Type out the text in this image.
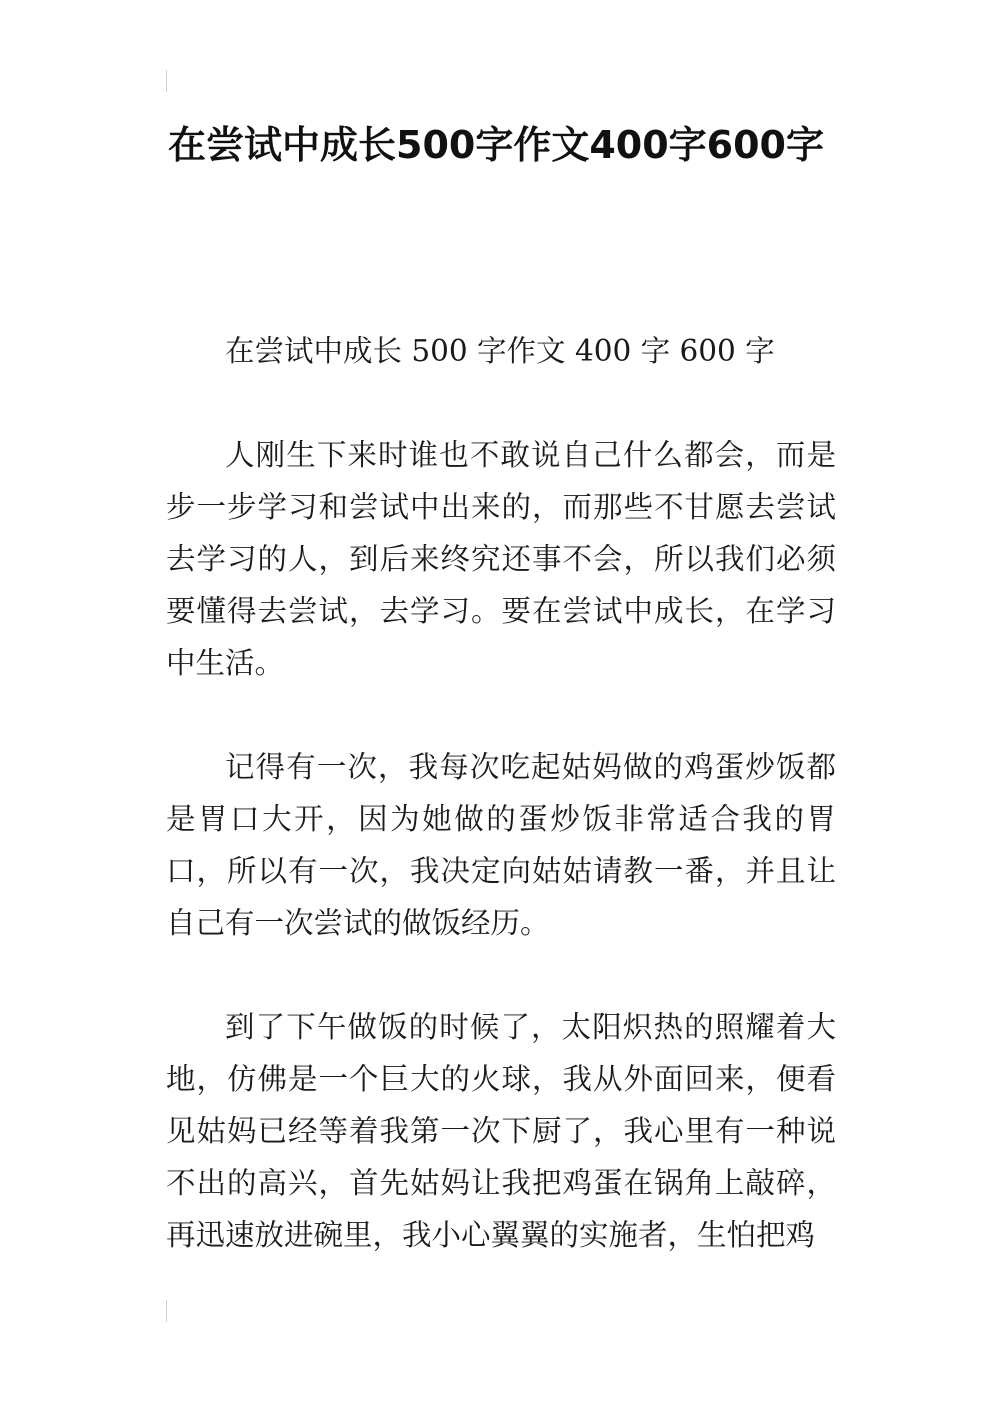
在尝试中成长500字作文400字600字

在尝试中成长 500 字作文 400 字 600 字

人刚生下来时谁也不敢说自己什么都会，而是步一步学习和尝试中出来的，而那些不甘愿去尝试去学习的人，到后来终究还事不会，所以我们必须要懂得去尝试，去学习。要在尝试中成长，在学习中生活。

记得有一次，我每次吃起姑妈做的鸡蛋炒饭都是胃口大开，因为她做的蛋炒饭非常适合我的胃口，所以有一次，我决定向姑姑请教一番，并且让自己有一次尝试的做饭经历。

到了下午做饭的时候了，太阳炽热的照耀着大地，仿佛是一个巨大的火球，我从外面回来，便看见姑妈已经等着我第一次下厨了，我心里有一种说不出的高兴，首先姑妈让我把鸡蛋在锅角上敲碎，再迅速放进碗里，我小心翼翼的实施者，生怕把鸡
